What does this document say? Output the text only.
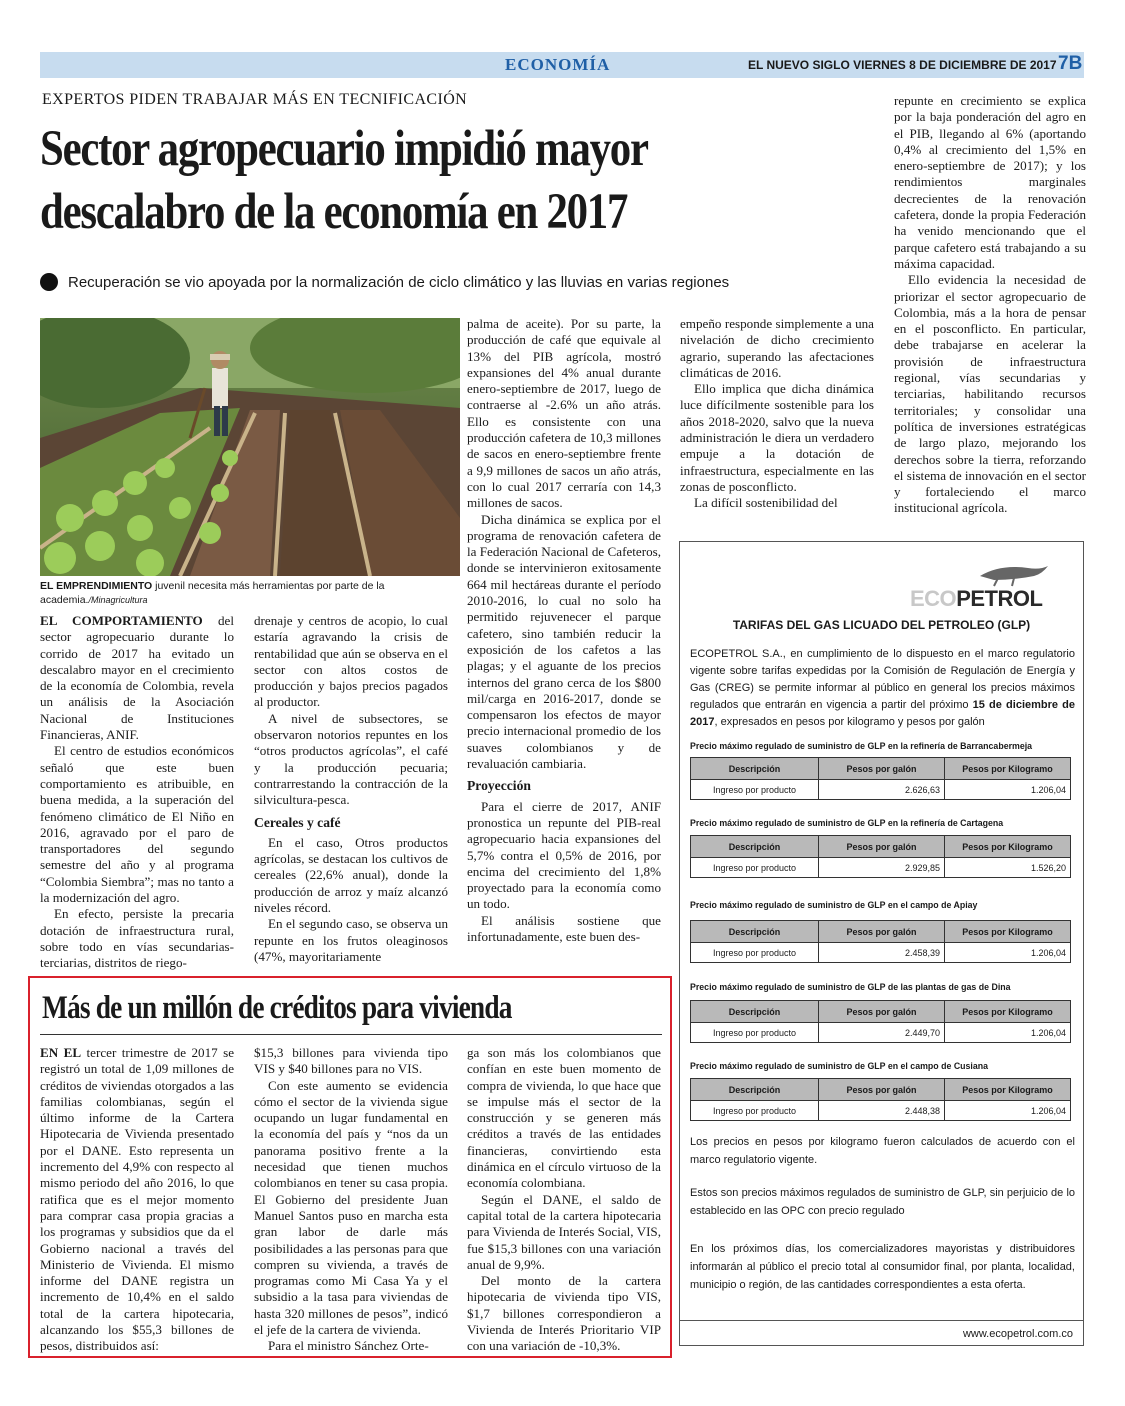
ECONOMÍA	EL NUEVO SIGLO VIERNES 8 DE DICIEMBRE DE 2017 7B
EXPERTOS PIDEN TRABAJAR MÁS EN TECNIFICACIÓN
Sector agropecuario impidió mayor
descalabro de la economía en 2017
Recuperación se vio apoyada por la normalización de ciclo climático y las lluvias en varias regiones
EL EMPRENDIMIENTO juvenil necesita más herramientas por parte de la academia./Minagricultura

EL COMPORTAMIENTO del sector agropecuario durante lo corrido de 2017 ha evitado un descalabro mayor en el crecimiento de la economía de Colombia, revela un análisis de la Asociación Nacional de Instituciones Financieras, ANIF.

El centro de estudios económicos señaló que este buen comportamiento es atribuible, en buena medida, a la superación del fenómeno climático de El Niño en 2016, agravado por el paro de transportadores del segundo semestre del año y al programa “Colombia Siembra”; mas no tanto a la modernización del agro.

En efecto, persiste la precaria dotación de infraestructura rural, sobre todo en vías secundarias-terciarias, distritos de riego-

drenaje y centros de acopio, lo cual estaría agravando la crisis de rentabilidad que aún se observa en el sector con altos costos de producción y bajos precios pagados al productor.

A nivel de subsectores, se observaron notorios repuntes en los “otros productos agrícolas”, el café y la producción pecuaria; contrarrestando la contracción de la silvicultura-pesca.

Cereales y café

En el caso, Otros productos agrícolas, se destacan los cultivos de cereales (22,6% anual), donde la producción de arroz y maíz alcanzó niveles récord.

En el segundo caso, se observa un repunte en los frutos oleaginosos (47%, mayoritariamente

palma de aceite). Por su parte, la producción de café que equivale al 13% del PIB agrícola, mostró expansiones del 4% anual durante enero-septiembre de 2017, luego de contraerse al -2.6% un año atrás. Ello es consistente con una producción cafetera de 10,3 millones de sacos en enero-septiembre frente a 9,9 millones de sacos un año atrás, con lo cual 2017 cerraría con 14,3 millones de sacos.

Dicha dinámica se explica por el programa de renovación cafetera de la Federación Nacional de Cafeteros, donde se intervinieron exitosamente 664 mil hectáreas durante el período 2010-2016, lo cual no solo ha permitido rejuvenecer el parque cafetero, sino también reducir la exposición de los cafetos a las plagas; y el aguante de los precios internos del grano cerca de los $800 mil/carga en 2016-2017, donde se compensaron los efectos de mayor precio internacional promedio de los suaves colombianos y de revaluación cambiaria.

Proyección

Para el cierre de 2017, ANIF pronostica un repunte del PIB-real agropecuario hacia expansiones del 5,7% contra el 0,5% de 2016, por encima del crecimiento del 1,8% proyectado para la economía como un todo.

El análisis sostiene que infortunadamente, este buen des-

empeño responde simplemente a una nivelación de dicho crecimiento agrario, superando las afectaciones climáticas de 2016.

Ello implica que dicha dinámica luce difícilmente sostenible para los años 2018-2020, salvo que la nueva administración le diera un verdadero empuje a la dotación de infraestructura, especialmente en las zonas de posconflicto.

La difícil sostenibilidad del

repunte en crecimiento se explica por la baja ponderación del agro en el PIB, llegando al 6% (aportando 0,4% al crecimiento del 1,5% en enero-septiembre de 2017); y los rendimientos marginales decrecientes de la renovación cafetera, donde la propia Federación ha venido mencionando que el parque cafetero está trabajando a su máxima capacidad.

Ello evidencia la necesidad de priorizar el sector agropecuario de Colombia, más a la hora de pensar en el posconflicto. En particular, debe trabajarse en acelerar la provisión de infraestructura regional, vías secundarias y terciarias, habilitando recursos territoriales; y consolidar una política de inversiones estratégicas de largo plazo, mejorando los derechos sobre la tierra, reforzando el sistema de innovación en el sector y fortaleciendo el marco institucional agrícola.

Más de un millón de créditos para vivienda

EN EL tercer trimestre de 2017 se registró un total de 1,09 millones de créditos de viviendas otorgados a las familias colombianas, según el último informe de la Cartera Hipotecaria de Vivienda presentado por el DANE. Esto representa un incremento del 4,9% con respecto al mismo periodo del año 2016, lo que ratifica que es el mejor momento para comprar casa propia gracias a los programas y subsidios que da el Gobierno nacional a través del Ministerio de Vivienda. El mismo informe del DANE registra un incremento de 10,4% en el saldo total de la cartera hipotecaria, alcanzando los $55,3 billones de pesos, distribuidos así:

$15,3 billones para vivienda tipo VIS y $40 billones para no VIS.

Con este aumento se evidencia cómo el sector de la vivienda sigue ocupando un lugar fundamental en la economía del país y “nos da un panorama positivo frente a la necesidad que tienen muchos colombianos en tener su casa propia. El Gobierno del presidente Juan Manuel Santos puso en marcha esta gran labor de darle más posibilidades a las personas para que compren su vivienda, a través de programas como Mi Casa Ya y el subsidio a la tasa para viviendas de hasta 320 millones de pesos”, indicó el jefe de la cartera de vivienda.

Para el ministro Sánchez Orte-

ga son más los colombianos que confían en este buen momento de compra de vivienda, lo que hace que se impulse más el sector de la construcción y se generen más créditos a través de las entidades financieras, convirtiendo esta dinámica en el círculo virtuoso de la economía colombiana.

Según el DANE, el saldo de capital total de la cartera hipotecaria para Vivienda de Interés Social, VIS, fue $15,3 billones con una variación anual de 9,9%.

Del monto de la cartera hipotecaria de vivienda tipo VIS, $1,7 billones correspondieron a Vivienda de Interés Prioritario VIP con una variación de -10,3%.

ECOPETROL
TARIFAS DEL GAS LICUADO DEL PETROLEO (GLP)
ECOPETROL S.A., en cumplimiento de lo dispuesto en el marco regulatorio vigente sobre tarifas expedidas por la Comisión de Regulación de Energía y Gas (CREG) se permite informar al público en general los precios máximos regulados que entrarán en vigencia a partir del próximo 15 de diciembre de 2017, expresados en pesos por kilogramo y pesos por galón
Precio máximo regulado de suministro de GLP en la refinería de Barrancabermeja
Descripción	Pesos por galón	Pesos por Kilogramo
Ingreso por producto	2.626,63	1.206,04
Precio máximo regulado de suministro de GLP en la refinería de Cartagena
Descripción	Pesos por galón	Pesos por Kilogramo
Ingreso por producto	2.929,85	1.526,20
Precio máximo regulado de suministro de GLP en el campo de Apiay
Descripción	Pesos por galón	Pesos por Kilogramo
Ingreso por producto	2.458,39	1.206,04
Precio máximo regulado de suministro de GLP de las plantas de gas de Dina
Descripción	Pesos por galón	Pesos por Kilogramo
Ingreso por producto	2.449,70	1.206,04
Precio máximo regulado de suministro de GLP en el campo de Cusiana
Descripción	Pesos por galón	Pesos por Kilogramo
Ingreso por producto	2.448,38	1.206,04
Los precios en pesos por kilogramo fueron calculados de acuerdo con el marco regulatorio vigente.
Estos son precios máximos regulados de suministro de GLP, sin perjuicio de lo establecido en las OPC con precio regulado
En los próximos días, los comercializadores mayoristas y distribuidores informarán al público el precio total al consumidor final, por planta, localidad, municipio o región, de las cantidades correspondientes a esta oferta.
www.ecopetrol.com.co
